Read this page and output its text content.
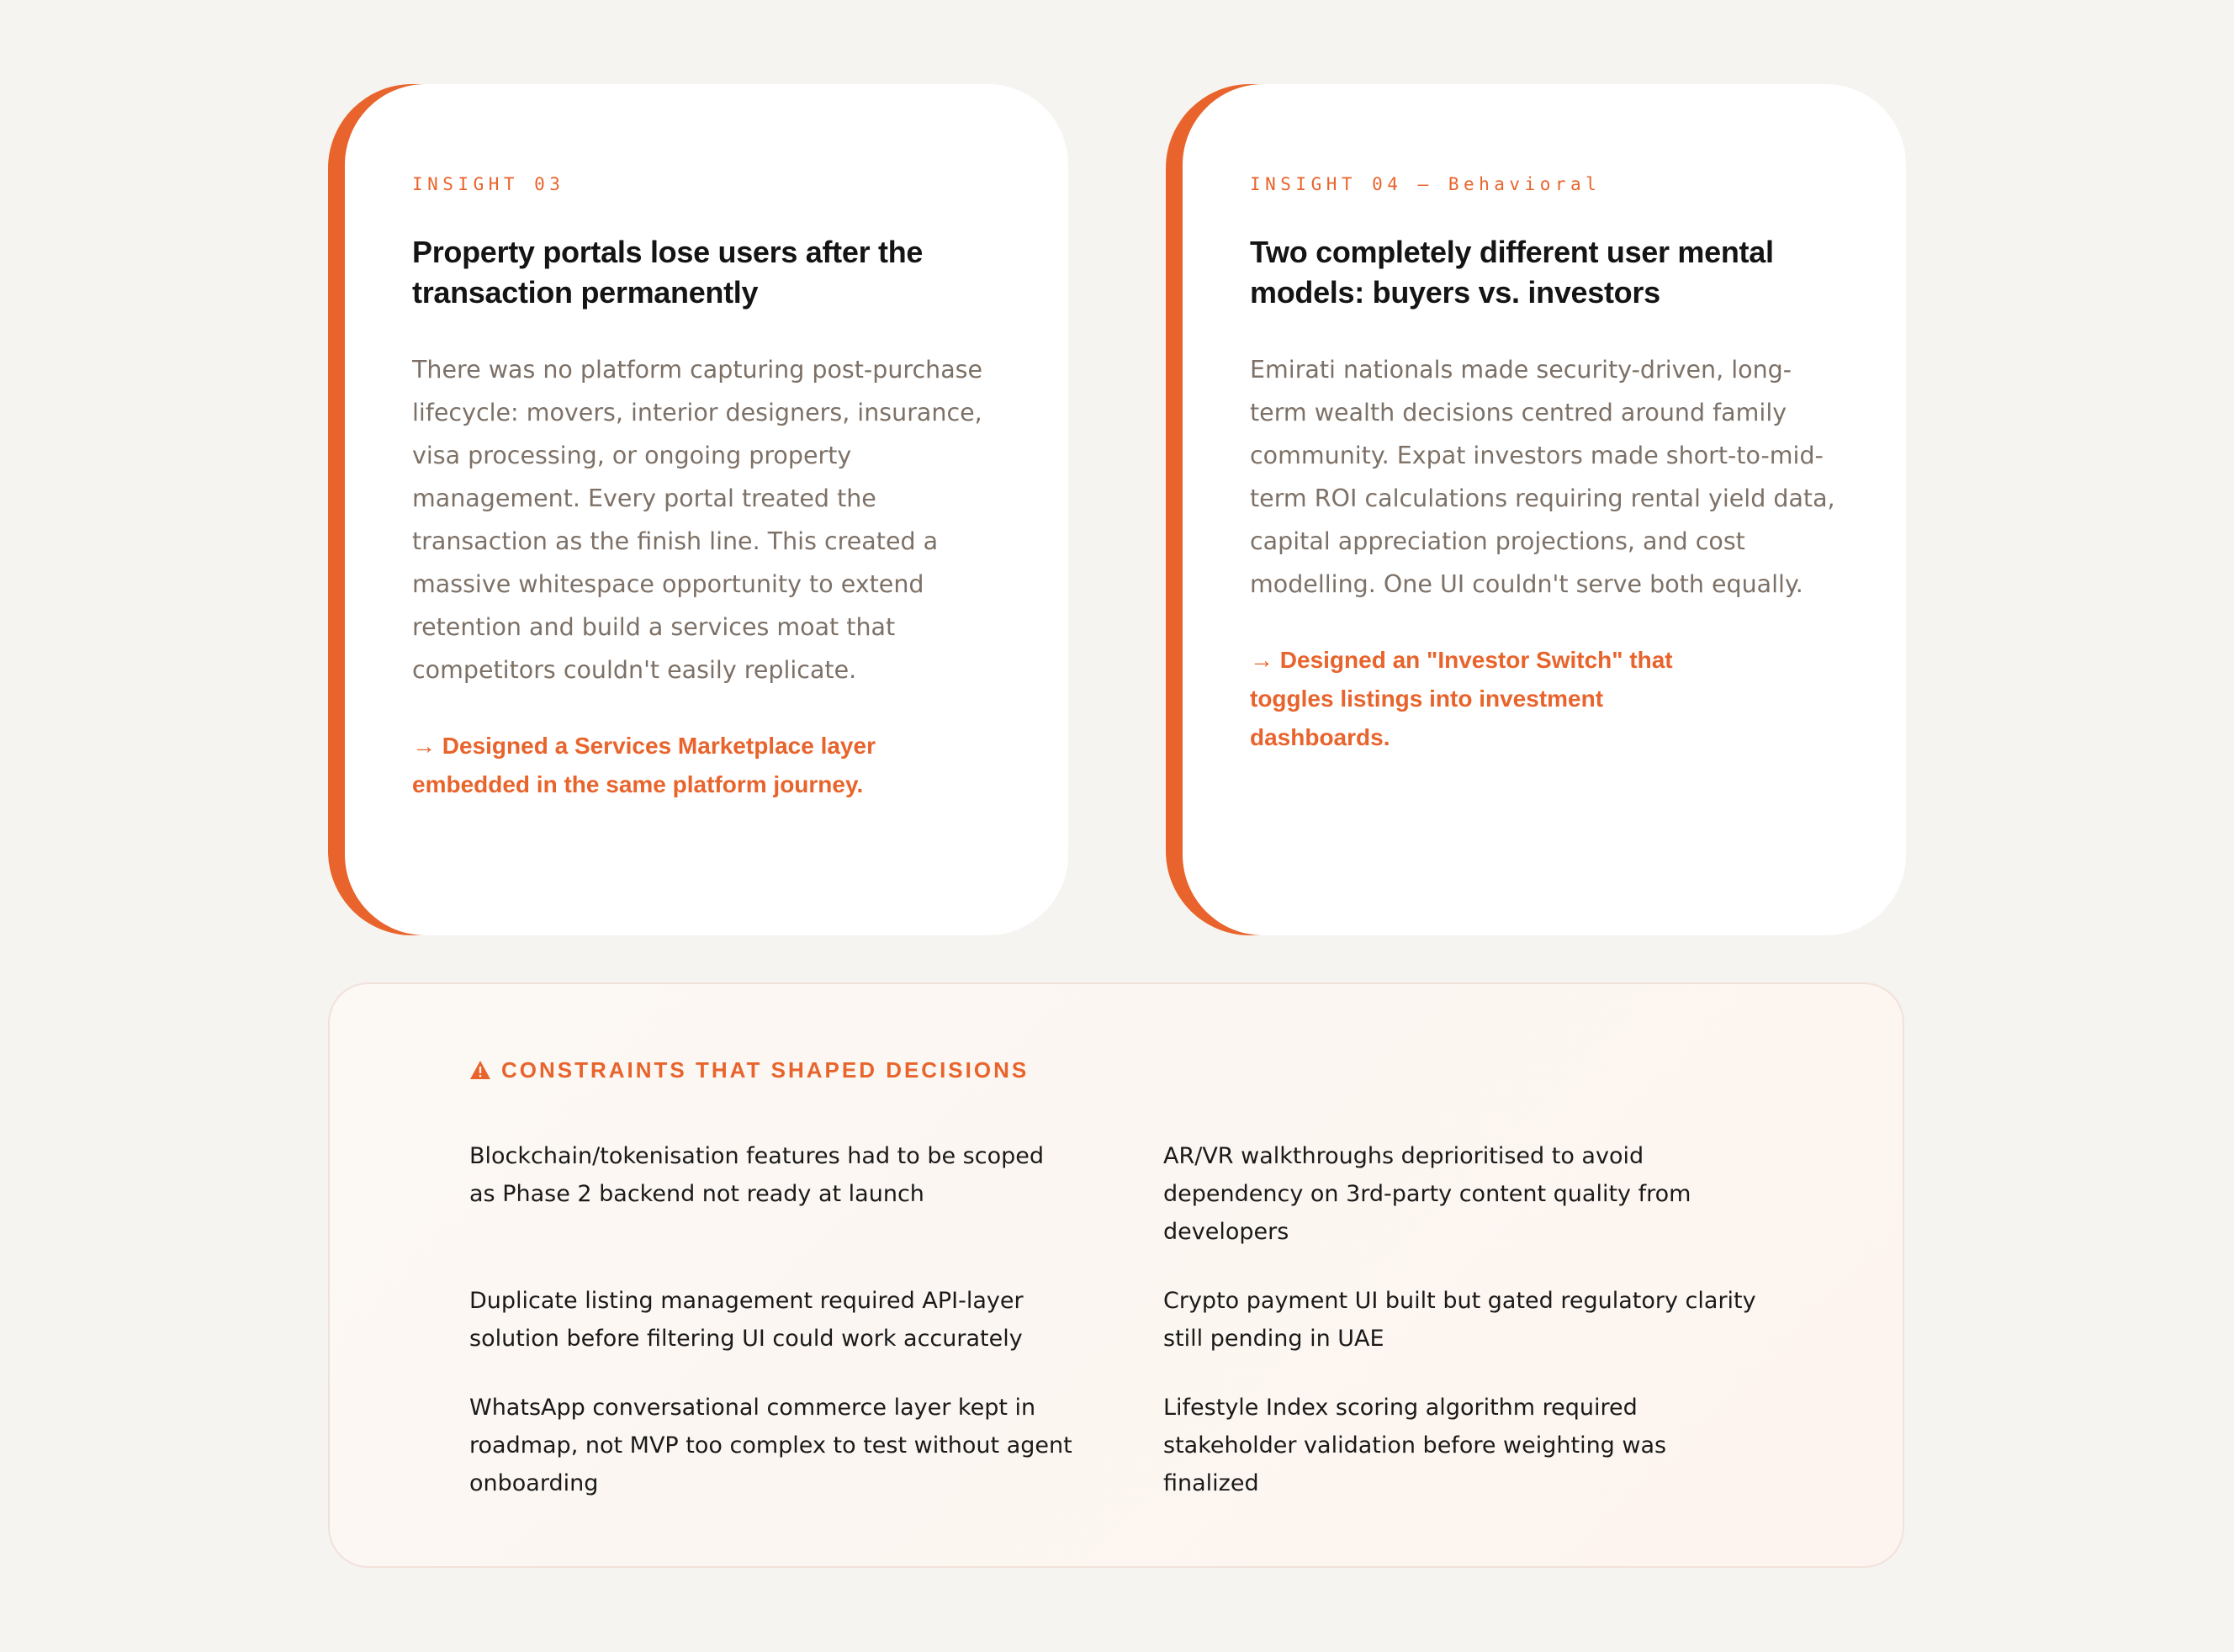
INSIGHT 03
Property portals lose users after the transaction permanently

There was no platform capturing post-purchase lifecycle: movers, interior designers, insurance, visa processing, or ongoing property management. Every portal treated the transaction as the finish line. This created a massive whitespace opportunity to extend retention and build a services moat that competitors couldn't easily replicate.

→ Designed a Services Marketplace layer embedded in the same platform journey.

INSIGHT 04 — Behavioral
Two completely different user mental models: buyers vs. investors

Emirati nationals made security-driven, long-term wealth decisions centred around family community. Expat investors made short-to-mid-term ROI calculations requiring rental yield data, capital appreciation projections, and cost modelling. One UI couldn't serve both equally.

→ Designed an "Investor Switch" that toggles listings into investment dashboards.

CONSTRAINTS THAT SHAPED DECISIONS

Blockchain/tokenisation features had to be scoped as Phase 2 backend not ready at launch

AR/VR walkthroughs deprioritised to avoid dependency on 3rd-party content quality from developers

Duplicate listing management required API-layer solution before filtering UI could work accurately

Crypto payment UI built but gated regulatory clarity still pending in UAE

WhatsApp conversational commerce layer kept in roadmap, not MVP too complex to test without agent onboarding

Lifestyle Index scoring algorithm required stakeholder validation before weighting was finalized
